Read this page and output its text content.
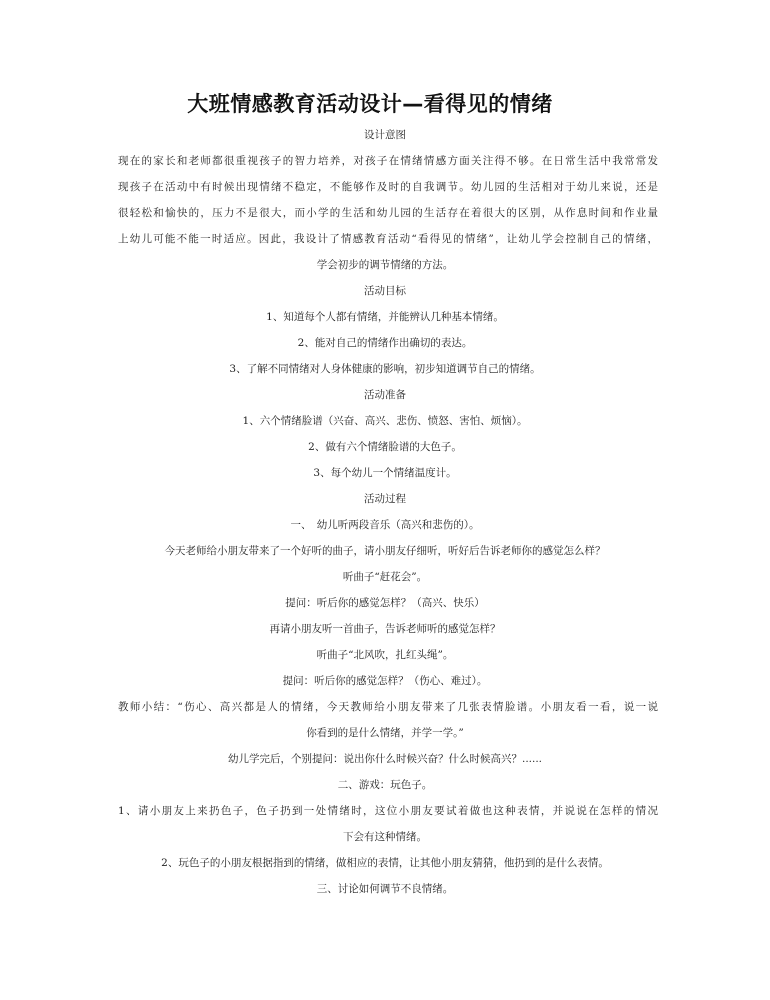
大班情感教育活动设计—看得见的情绪
设计意图
现在的家长和老师都很重视孩子的智力培养，对孩子在情绪情感方面关注得不够。在日常生活中我常常发
现孩子在活动中有时候出现情绪不稳定，不能够作及时的自我调节。幼儿园的生活相对于幼儿来说，还是
很轻松和愉快的，压力不是很大，而小学的生活和幼儿园的生活存在着很大的区别，从作息时间和作业量
上幼儿可能不能一时适应。因此，我设计了情感教育活动“看得见的情绪”，让幼儿学会控制自己的情绪，
学会初步的调节情绪的方法。
活动目标
1、知道每个人都有情绪，并能辨认几种基本情绪。
2、能对自己的情绪作出确切的表达。
3、了解不同情绪对人身体健康的影响，初步知道调节自己的情绪。
活动准备
1、六个情绪脸谱（兴奋、高兴、悲伤、愤怒、害怕、烦恼）。
2、做有六个情绪脸谱的大色子。
3、每个幼儿一个情绪温度计。
活动过程
一、　幼儿听两段音乐（高兴和悲伤的）。
今天老师给小朋友带来了一个好听的曲子，请小朋友仔细听，听好后告诉老师你的感觉怎么样？
听曲子“赶花会”。
提问：听后你的感觉怎样？（高兴、快乐）
再请小朋友听一首曲子，告诉老师听的感觉怎样？
听曲子“北风吹，扎红头绳”。
提问：听后你的感觉怎样？（伤心、难过）。
教师小结：“伤心、高兴都是人的情绪，今天教师给小朋友带来了几张表情脸谱。小朋友看一看，说一说
你看到的是什么情绪，并学一学。”
幼儿学完后，个别提问：说出你什么时候兴奋？什么时候高兴？......
二、游戏：玩色子。
1、请小朋友上来扔色子，色子扔到一处情绪时，这位小朋友要试着做也这种表情，并说说在怎样的情况
下会有这种情绪。
2、玩色子的小朋友根据指到的情绪，做相应的表情，让其他小朋友猜猜，他扔到的是什么表情。
三、讨论如何调节不良情绪。
